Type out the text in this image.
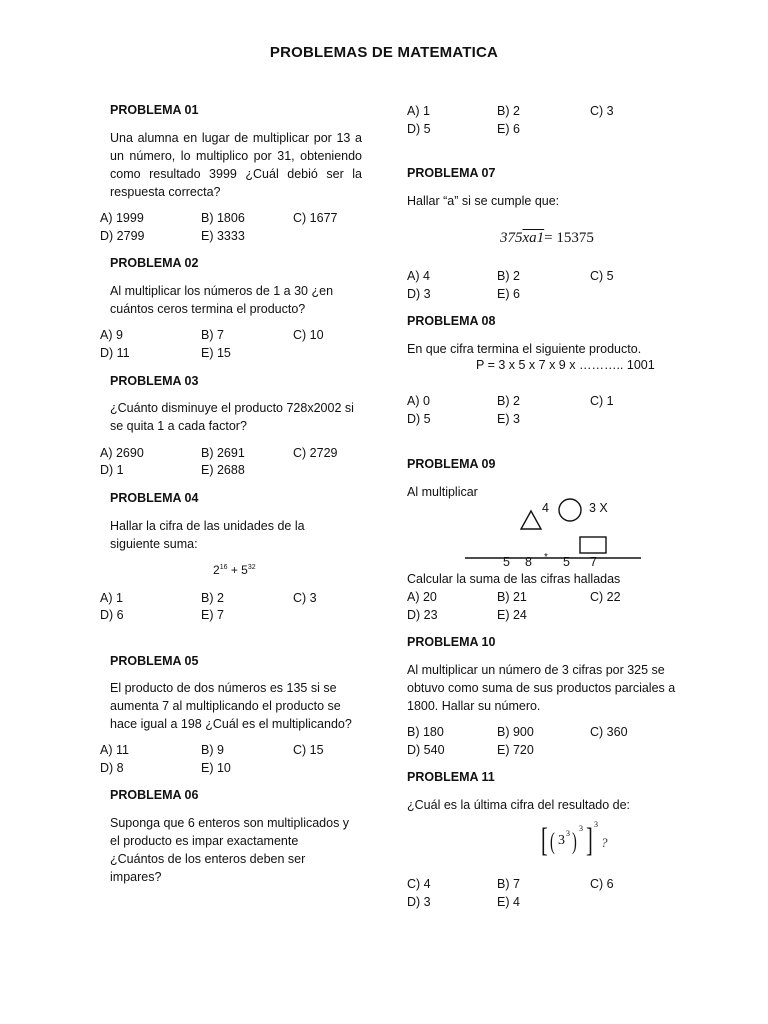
PROBLEMAS DE MATEMATICA
PROBLEMA 01
Una alumna en lugar de multiplicar por 13 a un número, lo multiplico por 31, obteniendo como resultado 3999 ¿Cuál debió ser la respuesta correcta?
A) 1999	B) 1806	C) 1677
D) 2799	E) 3333
PROBLEMA 02
Al multiplicar los números de 1 a 30 ¿en cuántos ceros termina el producto?
A) 9	B) 7	C) 10
D) 11	E) 15
PROBLEMA 03
¿Cuánto disminuye el producto 728x2002 si se quita 1 a cada factor?
A) 2690	B) 2691	C) 2729
D) 1	E) 2688
PROBLEMA 04
Hallar la cifra de las unidades de la siguiente suma:
$2^{16} + 5^{32}$
A) 1	B) 2	C) 3
D) 6	E) 7
PROBLEMA 05
El producto de dos números es 135 si se aumenta 7 al multiplicando el producto se hace igual a 198 ¿Cuál es el multiplicando?
A) 11	B) 9	C) 15
D) 8	E) 10
PROBLEMA 06
Suponga que 6 enteros son multiplicados y
el producto es impar exactamente
¿Cuántos de los enteros deben ser
impares?
A) 1	B) 2	C) 3
D) 5	E) 6
PROBLEMA 07
Hallar “a” si se cumple que:
375xa1= 15375
A) 4	B) 2	C) 5
D) 3	E) 6
PROBLEMA 08
En que cifra termina el siguiente producto.
P = 3 x 5 x 7 x 9 x ……….. 1001
A) 0	B) 2	C) 1
D) 5	E) 3
PROBLEMA 09
Al multiplicar
4	3 X
5 8 * 5 7
Calcular la suma de las cifras halladas
A) 20	B) 21	C) 22
D) 23	E) 24
PROBLEMA 10
Al multiplicar un número de 3 cifras por 325 se obtuvo como suma de sus productos parciales a 1800. Hallar su número.
B) 180	B) 900	C) 360
D) 540	E) 720
PROBLEMA 11
¿Cuál es la última cifra del resultado de:
[ ( 3 3 )
3 ] 3
?
C) 4	B) 7	C) 6
D) 3	E) 4
